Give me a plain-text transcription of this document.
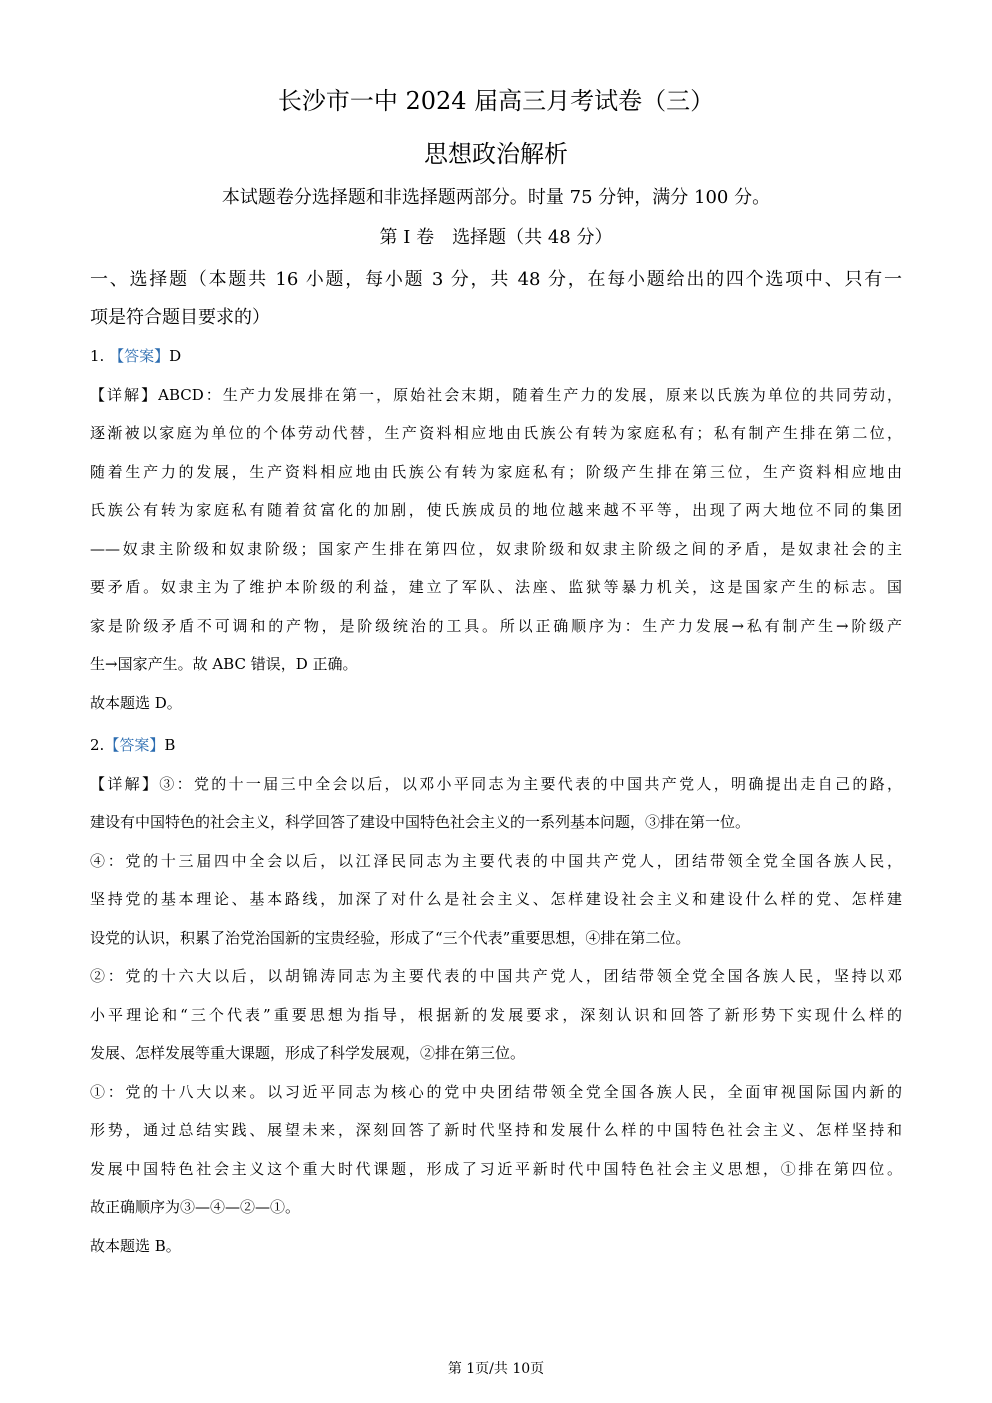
长沙市一中 2024 届高三月考试卷（三）
思想政治解析
本试题卷分选择题和非选择题两部分。时量 75 分钟，满分 100 分。
第 I 卷　选择题（共 48 分）
一、选择题（本题共 16 小题，每小题 3 分，共 48 分，在每小题给出的四个选项中、只有一
项是符合题目要求的）
1. 【答案】D
【详解】ABCD：生产力发展排在第一，原始社会末期，随着生产力的发展，原来以氏族为单位的共同劳动，
逐渐被以家庭为单位的个体劳动代替，生产资料相应地由氏族公有转为家庭私有；私有制产生排在第二位，
随着生产力的发展，生产资料相应地由氏族公有转为家庭私有；阶级产生排在第三位，生产资料相应地由
氏族公有转为家庭私有随着贫富化的加剧，使氏族成员的地位越来越不平等，出现了两大地位不同的集团
——奴隶主阶级和奴隶阶级；国家产生排在第四位，奴隶阶级和奴隶主阶级之间的矛盾，是奴隶社会的主
要矛盾。奴隶主为了维护本阶级的利益，建立了军队、法座、监狱等暴力机关，这是国家产生的标志。国
家是阶级矛盾不可调和的产物，是阶级统治的工具。所以正确顺序为：生产力发展→私有制产生→阶级产
生→国家产生。故 ABC 错误，D 正确。
故本题选 D。
2.【答案】B
【详解】③：党的十一届三中全会以后，以邓小平同志为主要代表的中国共产党人，明确提出走自己的路，
建设有中国特色的社会主义，科学回答了建设中国特色社会主义的一系列基本问题，③排在第一位。
④：党的十三届四中全会以后，以江泽民同志为主要代表的中国共产党人，团结带领全党全国各族人民，
坚持党的基本理论、基本路线，加深了对什么是社会主义、怎样建设社会主义和建设什么样的党、怎样建
设党的认识，积累了治党治国新的宝贵经验，形成了“三个代表”重要思想，④排在第二位。
②：党的十六大以后，以胡锦涛同志为主要代表的中国共产党人，团结带领全党全国各族人民，坚持以邓
小平理论和“三个代表”重要思想为指导，根据新的发展要求，深刻认识和回答了新形势下实现什么样的
发展、怎样发展等重大课题，形成了科学发展观，②排在第三位。
①：党的十八大以来。以习近平同志为核心的党中央团结带领全党全国各族人民，全面审视国际国内新的
形势，通过总结实践、展望未来，深刻回答了新时代坚持和发展什么样的中国特色社会主义、怎样坚持和
发展中国特色社会主义这个重大时代课题，形成了习近平新时代中国特色社会主义思想，①排在第四位。
故正确顺序为③—④—②—①。
故本题选 B。
第 1页/共 10页
